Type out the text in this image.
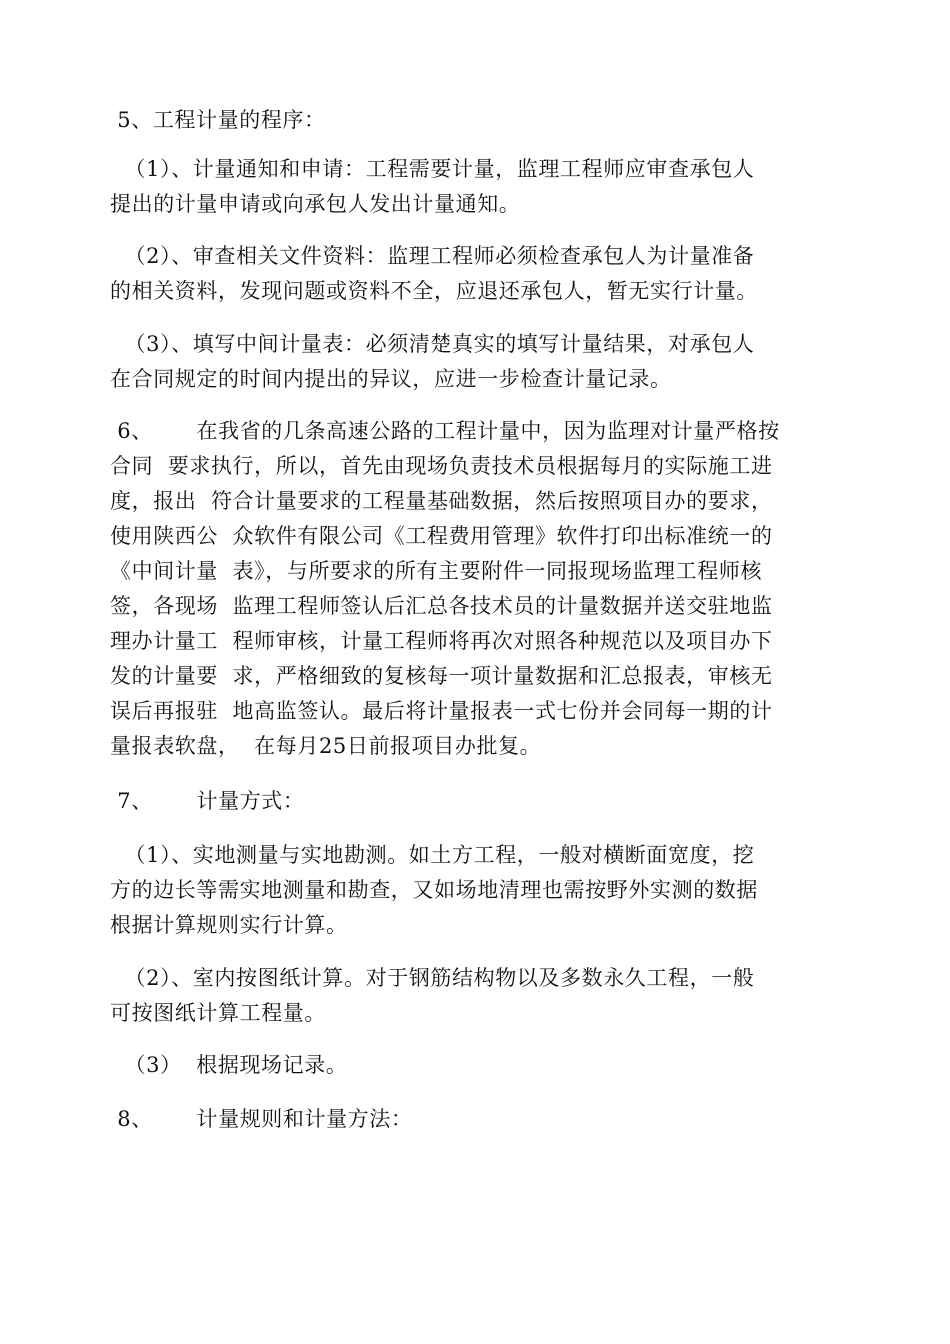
5、工程计量的程序：
（1）、计量通知和申请：工程需要计量，监理工程师应审查承包人
提出的计量申请或向承包人发出计量通知。
（2）、审查相关文件资料：监理工程师必须检查承包人为计量准备
的相关资料，发现问题或资料不全，应退还承包人，暂无实行计量。
（3）、填写中间计量表：必须清楚真实的填写计量结果，对承包人
在合同规定的时间内提出的异议，应进一步检查计量记录。
6、      在我省的几条高速公路的工程计量中，因为监理对计量严格按
合同  要求执行，所以，首先由现场负责技术员根据每月的实际施工进
度，报出  符合计量要求的工程量基础数据，然后按照项目办的要求，
使用陕西公  众软件有限公司《工程费用管理》软件打印出标准统一的
《中间计量  表》，与所要求的所有主要附件一同报现场监理工程师核
签，各现场  监理工程师签认后汇总各技术员的计量数据并送交驻地监
理办计量工  程师审核，计量工程师将再次对照各种规范以及项目办下
发的计量要  求，严格细致的复核每一项计量数据和汇总报表，审核无
误后再报驻  地高监签认。最后将计量报表一式七份并会同每一期的计
量报表软盘，  在每月25日前报项目办批复。
7、      计量方式：
（1）、实地测量与实地勘测。如土方工程，一般对横断面宽度，挖
方的边长等需实地测量和勘查，又如场地清理也需按野外实测的数据
根据计算规则实行计算。
（2）、室内按图纸计算。对于钢筋结构物以及多数永久工程，一般
可按图纸计算工程量。
（3）  根据现场记录。
8、      计量规则和计量方法：
